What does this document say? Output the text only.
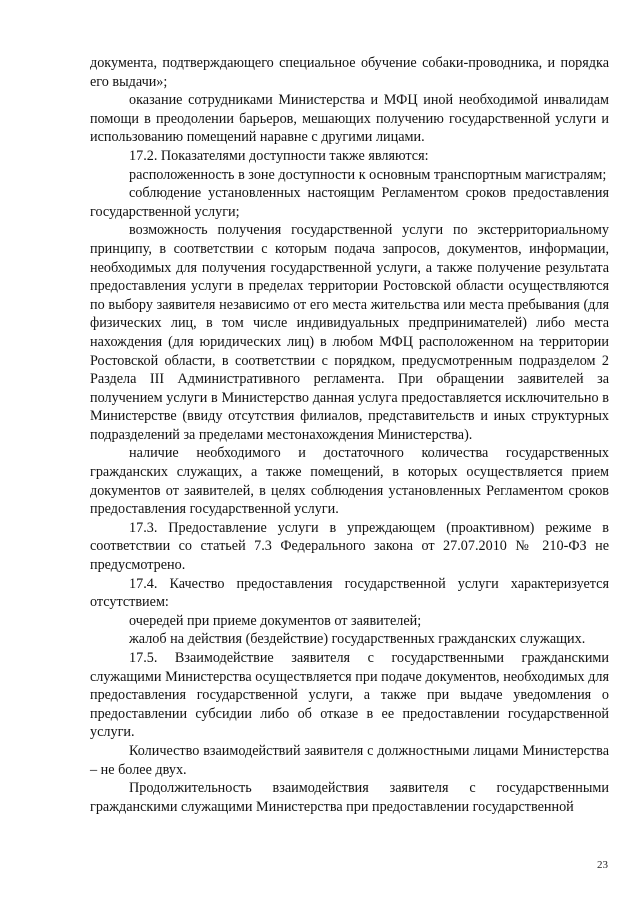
документа, подтверждающего специальное обучение собаки-проводника, и порядка его выдачи»;

оказание сотрудниками Министерства и МФЦ иной необходимой инвалидам помощи в преодолении барьеров, мешающих получению государственной услуги и использованию помещений наравне с другими лицами.

17.2. Показателями доступности также являются:

расположенность в зоне доступности к основным транспортным магистралям;

соблюдение установленных настоящим Регламентом сроков предоставления государственной услуги;

возможность получения государственной услуги по экстерриториальному принципу, в соответствии с которым подача запросов, документов, информации, необходимых для получения государственной услуги, а также получение результата предоставления услуги в пределах территории Ростовской области осуществляются по выбору заявителя независимо от его места жительства или места пребывания (для физических лиц, в том числе индивидуальных предпринимателей) либо места нахождения (для юридических лиц) в любом МФЦ расположенном на территории Ростовской области, в соответствии с порядком, предусмотренным подразделом 2 Раздела III Административного регламента. При обращении заявителей за получением услуги в Министерство данная услуга предоставляется исключительно в Министерстве (ввиду отсутствия филиалов, представительств и иных структурных подразделений за пределами местонахождения Министерства).

наличие необходимого и достаточного количества государственных гражданских служащих, а также помещений, в которых осуществляется прием документов от заявителей, в целях соблюдения установленных Регламентом сроков предоставления государственной услуги.

17.3. Предоставление услуги в упреждающем (проактивном) режиме в соответствии со статьей 7.3 Федерального закона от 27.07.2010 № 210-ФЗ не предусмотрено.

17.4. Качество предоставления государственной услуги характеризуется отсутствием:

очередей при приеме документов от заявителей;

жалоб на действия (бездействие) государственных гражданских служащих.

17.5. Взаимодействие заявителя с государственными гражданскими служащими Министерства осуществляется при подаче документов, необходимых для предоставления государственной услуги, а также при выдаче уведомления о предоставлении субсидии либо об отказе в ее предоставлении государственной услуги.

Количество взаимодействий заявителя с должностными лицами Министерства – не более двух.

Продолжительность взаимодействия заявителя с государственными гражданскими служащими Министерства при предоставлении государственной

23
